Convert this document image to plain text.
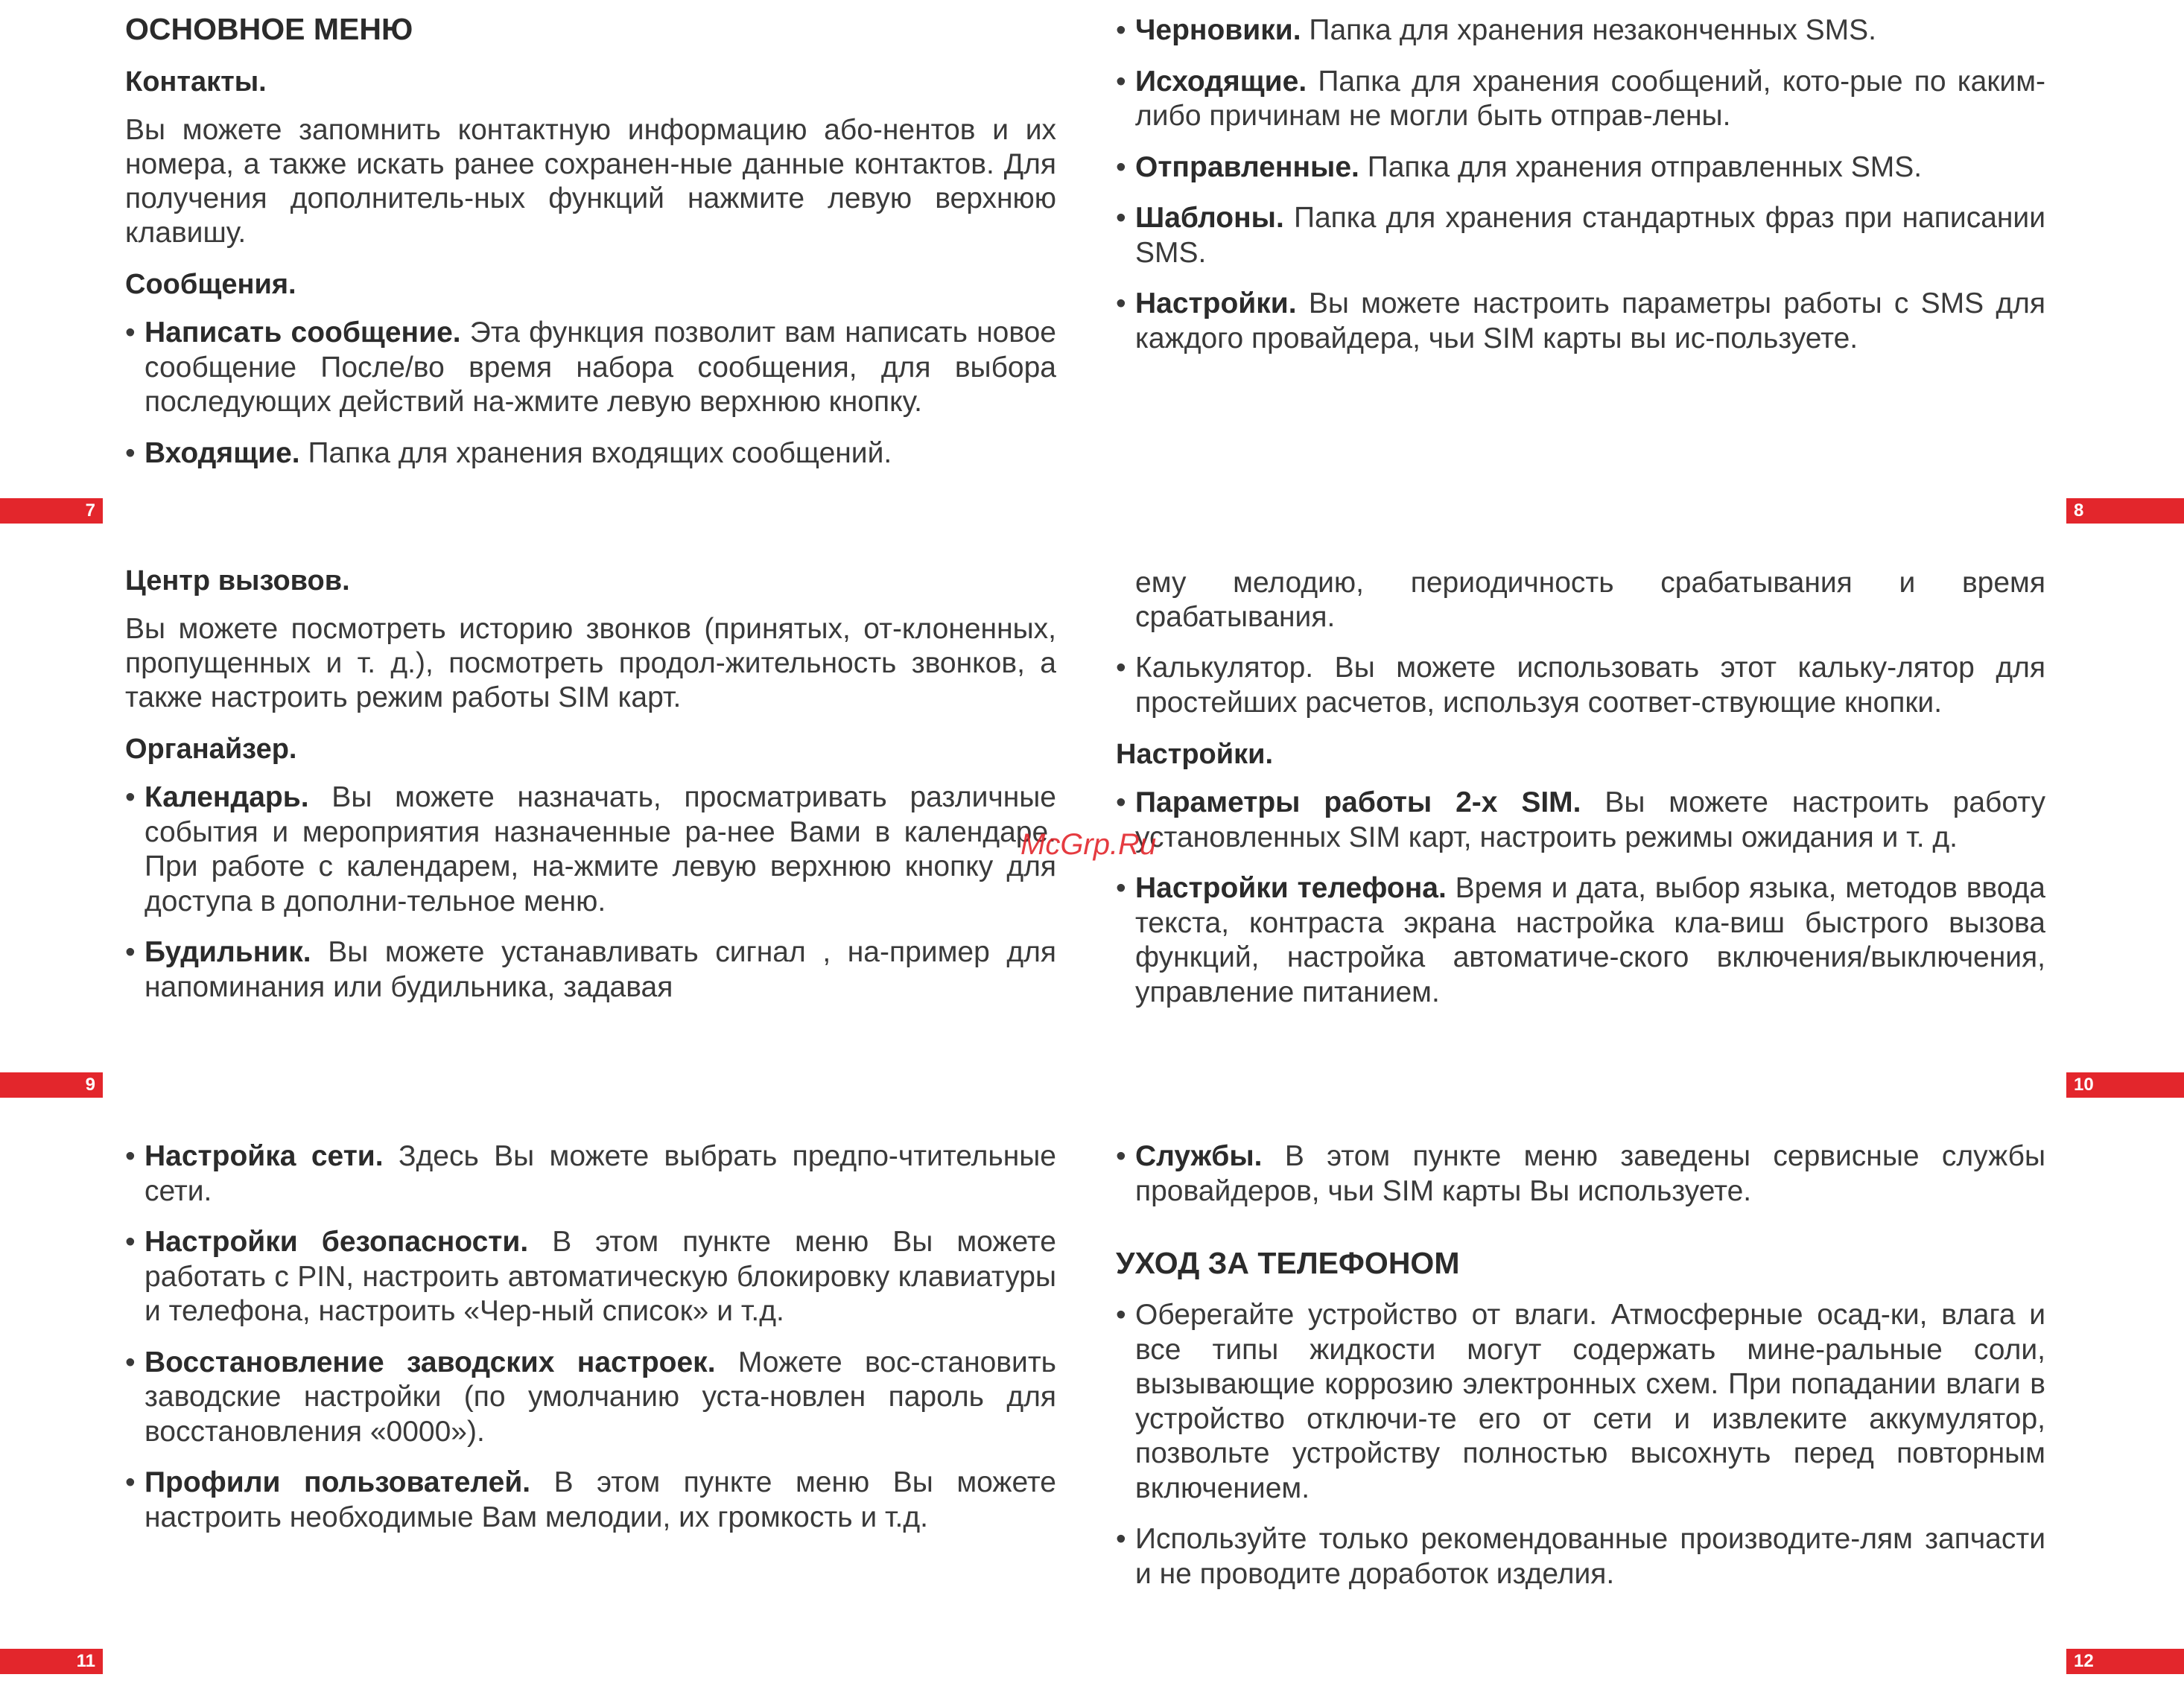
ОСНОВНОЕ МЕНЮ
Контакты.
Вы можете запомнить контактную информацию або-нентов и их номера, а также искать ранее сохранен-ные данные контактов. Для получения дополнитель-ных функций нажмите левую верхнюю клавишу.
Сообщения.
• Написать сообщение. Эта функция позволит вам написать новое сообщение После/во время набора сообщения, для выбора последующих действий на-жмите левую верхнюю кнопку.
• Входящие. Папка для хранения входящих сообщений.
7
• Черновики. Папка для хранения незаконченных SMS.
• Исходящие. Папка для хранения сообщений, кото-рые по каким-либо причинам не могли быть отправ-лены.
• Отправленные. Папка для хранения отправленных SMS.
• Шаблоны. Папка для хранения стандартных фраз при написании SMS.
• Настройки. Вы можете настроить параметры работы с SMS для каждого провайдера, чьи SIM карты вы ис-пользуете.
8
Центр вызовов.
Вы можете посмотреть историю звонков (принятых, от-клоненных, пропущенных и т. д.), посмотреть продол-жительность звонков, а также настроить режим работы SIM карт.
Органайзер.
• Календарь. Вы можете назначать, просматривать различные события и мероприятия назначенные ра-нее Вами в календаре. При работе с календарем, на-жмите левую верхнюю кнопку для доступа в дополни-тельное меню.
• Будильник. Вы можете устанавливать сигнал , на-пример для напоминания или будильника, задавая
9
ему мелодию, периодичность срабатывания и время срабатывания.
• Калькулятор. Вы можете использовать этот кальку-лятор для простейших расчетов, используя соответ-ствующие кнопки.
Настройки.
• Параметры работы 2-х SIM. Вы можете настроить работу установленных SIM карт, настроить режимы ожидания и т. д.
• Настройки телефона. Время и дата, выбор языка, методов ввода текста, контраста экрана настройка кла-виш быстрого вызова функций, настройка автоматиче-ского включения/выключения, управление питанием.
10
• Настройка сети. Здесь Вы можете выбрать предпо-чтительные сети.
• Настройки безопасности. В этом пункте меню Вы можете работать с PIN, настроить автоматическую блокировку клавиатуры и телефона, настроить «Чер-ный список» и т.д.
• Восстановление заводских настроек. Можете вос-становить заводские настройки (по умолчанию уста-новлен пароль для восстановления «0000»).
• Профили пользователей. В этом пункте меню Вы можете настроить необходимые Вам мелодии, их громкость и т.д.
11
• Службы. В этом пункте меню заведены сервисные службы провайдеров, чьи SIM карты Вы используете.
УХОД ЗА ТЕЛЕФОНОМ
• Оберегайте устройство от влаги. Атмосферные осад-ки, влага и все типы жидкости могут содержать мине-ральные соли, вызывающие коррозию электронных схем. При попадании влаги в устройство отключи-те его от сети и извлеките аккумулятор, позвольте устройству полностью высохнуть перед повторным включением.
• Используйте только рекомендованные производите-лям запчасти и не проводите доработок изделия.
12
McGrp.Ru
